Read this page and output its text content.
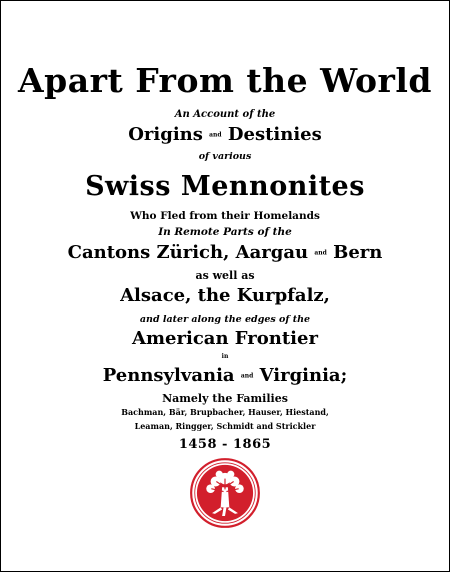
Apart From the World
An Account of the
Origins and Destinies
of various
Swiss Mennonites
Who Fled from their Homelands
In Remote Parts of the
Cantons Zürich, Aargau and Bern
as well as
Alsace, the Kurpfalz,
and later along the edges of the
American Frontier
in
Pennsylvania and Virginia;
Namely the Families
Bachman, Bär, Brupbacher, Hauser, Hiestand,
Leaman, Ringger, Schmidt and Strickler
1458 - 1865
